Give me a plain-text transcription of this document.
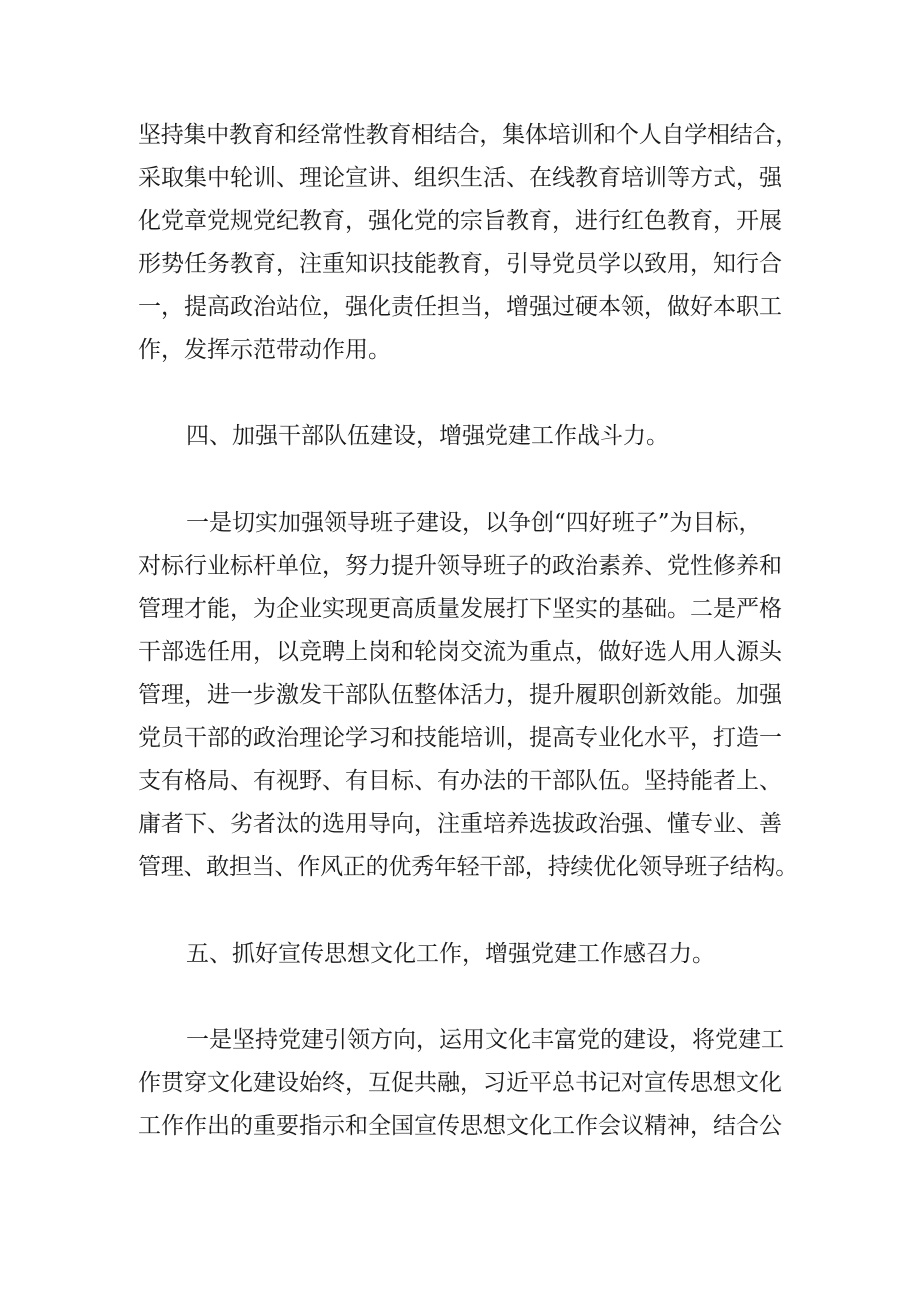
坚持集中教育和经常性教育相结合，集体培训和个人自学相结合，
采取集中轮训、理论宣讲、组织生活、在线教育培训等方式，强
化党章党规党纪教育，强化党的宗旨教育，进行红色教育，开展
形势任务教育，注重知识技能教育，引导党员学以致用，知行合
一，提高政治站位，强化责任担当，增强过硬本领，做好本职工
作，发挥示范带动作用。
四、加强干部队伍建设，增强党建工作战斗力。
一是切实加强领导班子建设，以争创“四好班子”为目标，
对标行业标杆单位，努力提升领导班子的政治素养、党性修养和
管理才能，为企业实现更高质量发展打下坚实的基础。二是严格
干部选任用，以竞聘上岗和轮岗交流为重点，做好选人用人源头
管理，进一步激发干部队伍整体活力，提升履职创新效能。加强
党员干部的政治理论学习和技能培训，提高专业化水平，打造一
支有格局、有视野、有目标、有办法的干部队伍。坚持能者上、
庸者下、劣者汰的选用导向，注重培养选拔政治强、懂专业、善
管理、敢担当、作风正的优秀年轻干部，持续优化领导班子结构。
五、抓好宣传思想文化工作，增强党建工作感召力。
一是坚持党建引领方向，运用文化丰富党的建设，将党建工
作贯穿文化建设始终，互促共融，习近平总书记对宣传思想文化
工作作出的重要指示和全国宣传思想文化工作会议精神，结合公
